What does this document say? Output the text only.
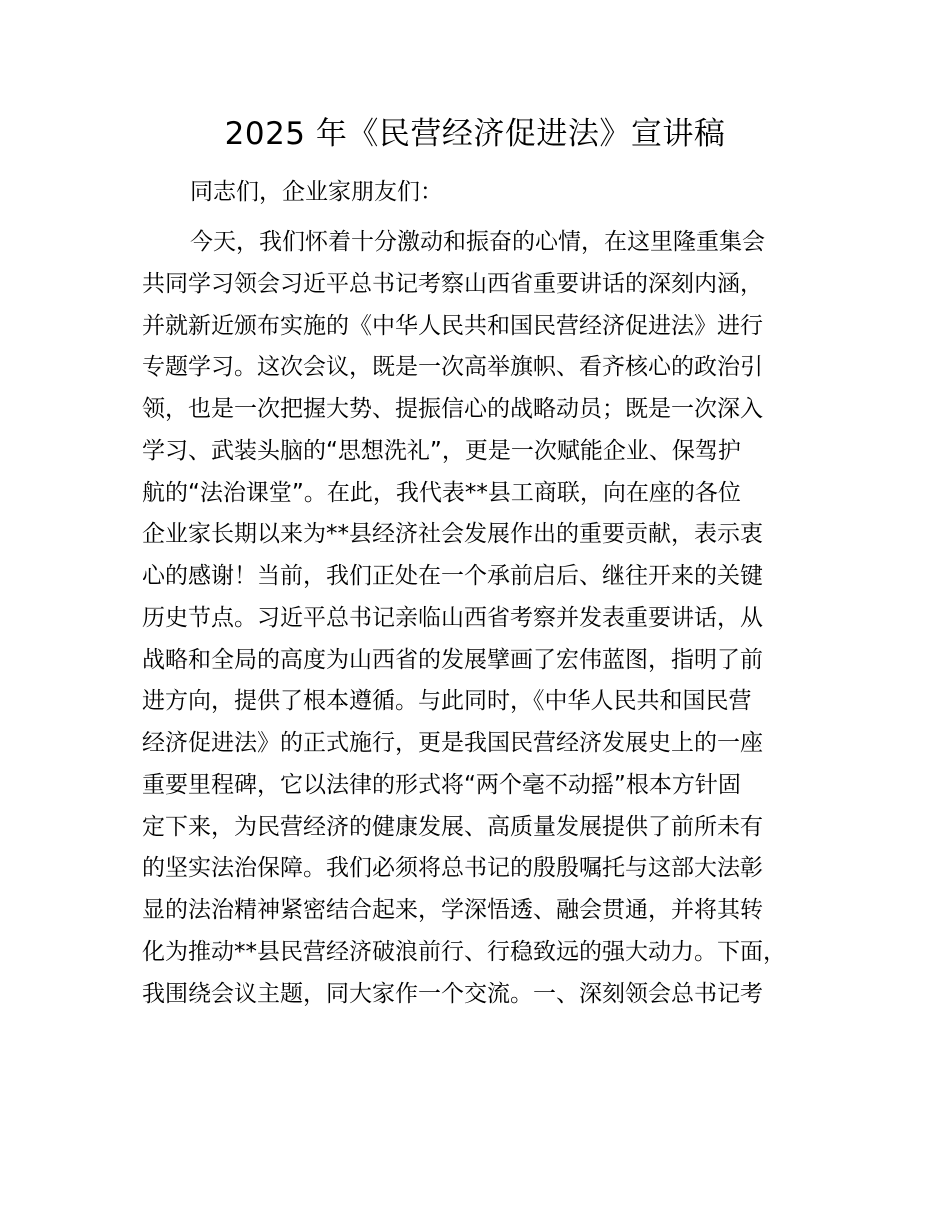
2025 年《民营经济促进法》宣讲稿
同志们，企业家朋友们：
今天，我们怀着十分激动和振奋的心情，在这里隆重集会
共同学习领会习近平总书记考察山西省重要讲话的深刻内涵，
并就新近颁布实施的《中华人民共和国民营经济促进法》进行
专题学习。这次会议，既是一次高举旗帜、看齐核心的政治引
领，也是一次把握大势、提振信心的战略动员；既是一次深入
学习、武装头脑的“思想洗礼”，更是一次赋能企业、保驾护
航的“法治课堂”。在此，我代表**县工商联，向在座的各位
企业家长期以来为**县经济社会发展作出的重要贡献，表示衷
心的感谢！当前，我们正处在一个承前启后、继往开来的关键
历史节点。习近平总书记亲临山西省考察并发表重要讲话，从
战略和全局的高度为山西省的发展擘画了宏伟蓝图，指明了前
进方向，提供了根本遵循。与此同时，《中华人民共和国民营
经济促进法》的正式施行，更是我国民营经济发展史上的一座
重要里程碑，它以法律的形式将“两个毫不动摇”根本方针固
定下来，为民营经济的健康发展、高质量发展提供了前所未有
的坚实法治保障。我们必须将总书记的殷殷嘱托与这部大法彰
显的法治精神紧密结合起来，学深悟透、融会贯通，并将其转
化为推动**县民营经济破浪前行、行稳致远的强大动力。下面，
我围绕会议主题，同大家作一个交流。一、深刻领会总书记考
